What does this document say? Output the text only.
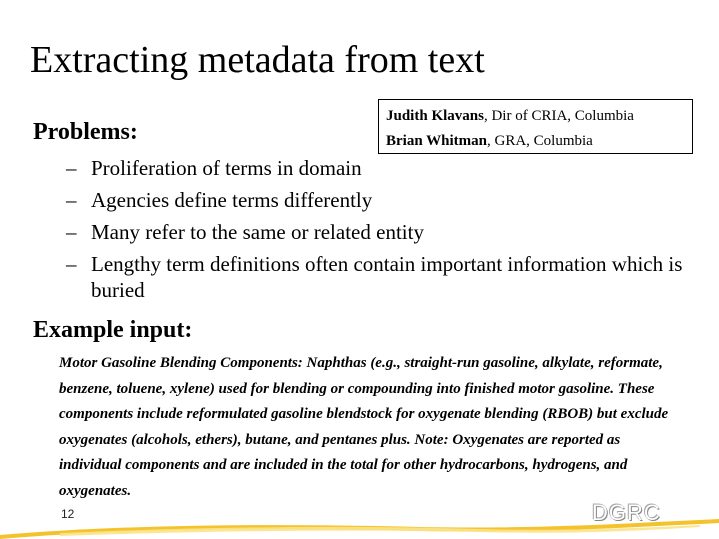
Extracting metadata from text
Judith Klavans, Dir of CRIA, Columbia
Brian Whitman, GRA, Columbia
Problems:
– Proliferation of terms in domain
– Agencies define terms differently
– Many refer to the same or related entity
– Lengthy term definitions often contain important information which is buried
Example input:

Motor Gasoline Blending Components: Naphthas (e.g., straight-run gasoline, alkylate, reformate, benzene, toluene, xylene) used for blending or compounding into finished motor gasoline. These components include reformulated gasoline blendstock for oxygenate blending (RBOB) but exclude oxygenates (alcohols, ethers), butane, and pentanes plus. Note: Oxygenates are reported as individual components and are included in the total for other hydrocarbons, hydrogens, and oxygenates.

12	DGRC
